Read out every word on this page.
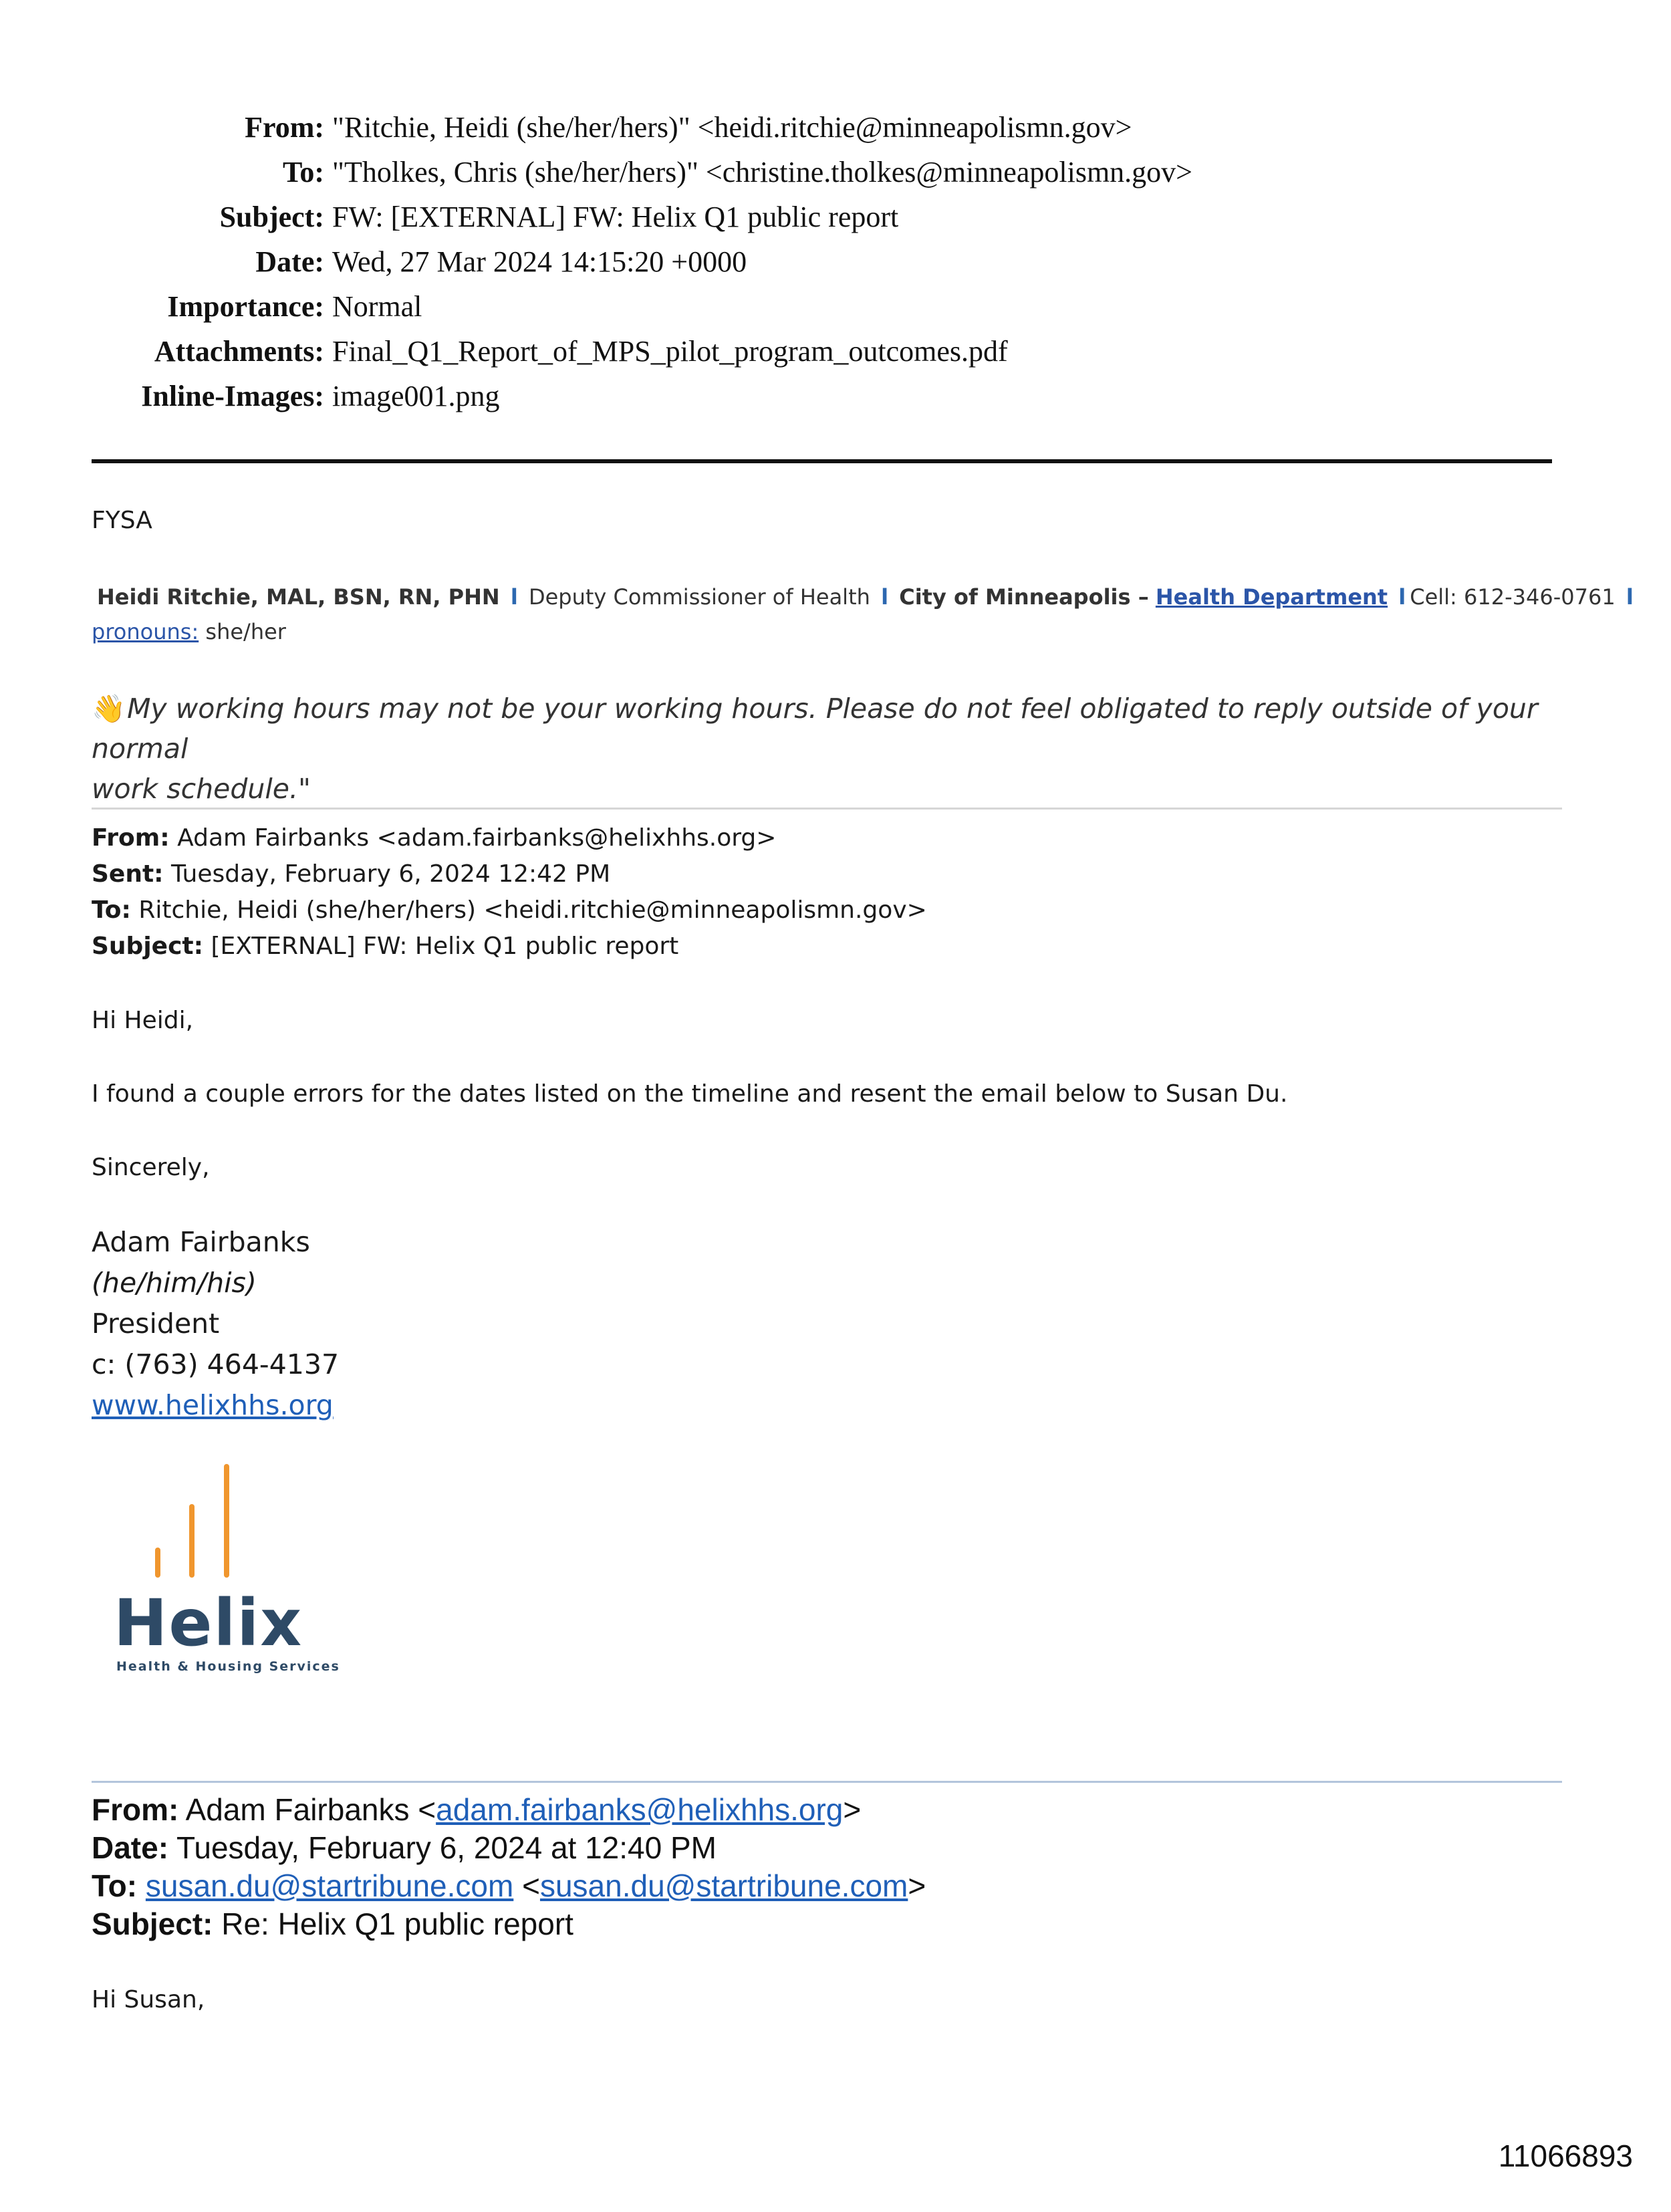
From: "Ritchie, Heidi (she/her/hers)" <heidi.ritchie@minneapolismn.gov>
To: "Tholkes, Chris (she/her/hers)" <christine.tholkes@minneapolismn.gov>
Subject: FW: [EXTERNAL] FW: Helix Q1 public report
Date: Wed, 27 Mar 2024 14:15:20 +0000
Importance: Normal
Attachments: Final_Q1_Report_of_MPS_pilot_program_outcomes.pdf
Inline-Images: image001.png
FYSA
Heidi Ritchie, MAL, BSN, RN, PHN l Deputy Commissioner of Health l City of Minneapolis – Health Department l Cell: 612-346-0761 l
pronouns: she/her
👋My working hours may not be your working hours. Please do not feel obligated to reply outside of your normal
work schedule."
From: Adam Fairbanks <adam.fairbanks@helixhhs.org>
Sent: Tuesday, February 6, 2024 12:42 PM
To: Ritchie, Heidi (she/her/hers) <heidi.ritchie@minneapolismn.gov>
Subject: [EXTERNAL] FW: Helix Q1 public report
Hi Heidi,
I found a couple errors for the dates listed on the timeline and resent the email below to Susan Du.
Sincerely,
Adam Fairbanks
(he/him/his)
President
c: (763) 464-4137
www.helixhhs.org
Helix
Health & Housing Services
From: Adam Fairbanks <adam.fairbanks@helixhhs.org>
Date: Tuesday, February 6, 2024 at 12:40 PM
To: susan.du@startribune.com <susan.du@startribune.com>
Subject: Re: Helix Q1 public report
Hi Susan,
11066893
